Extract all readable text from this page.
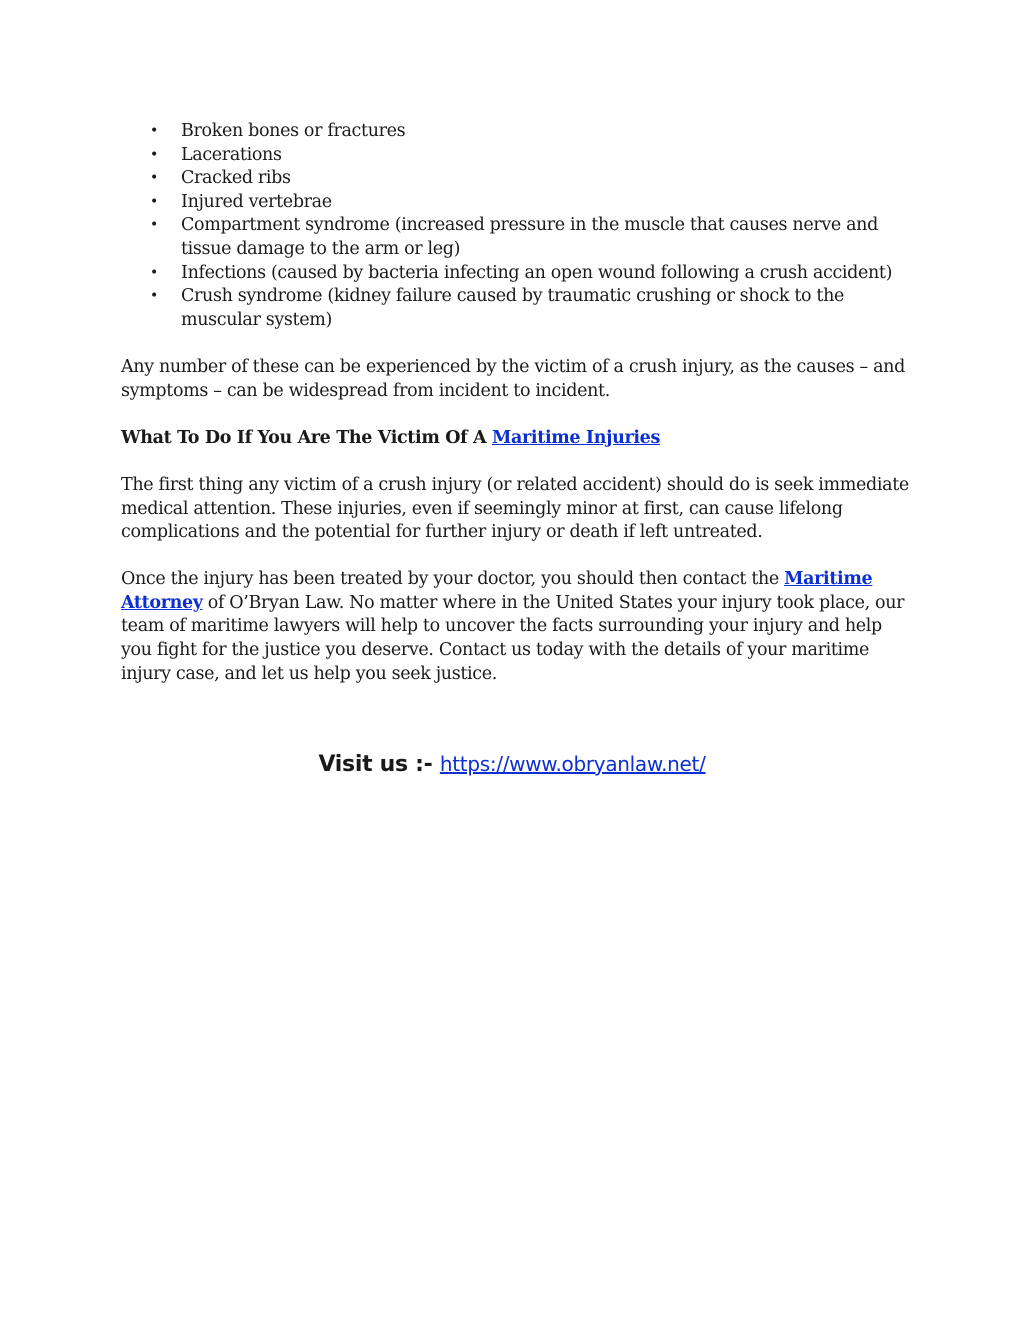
• Broken bones or fractures
• Lacerations
• Cracked ribs
• Injured vertebrae
• Compartment syndrome (increased pressure in the muscle that causes nerve and tissue damage to the arm or leg)
• Infections (caused by bacteria infecting an open wound following a crush accident)
• Crush syndrome (kidney failure caused by traumatic crushing or shock to the muscular system)

Any number of these can be experienced by the victim of a crush injury, as the causes – and symptoms – can be widespread from incident to incident.

What To Do If You Are The Victim Of A Maritime Injuries

The first thing any victim of a crush injury (or related accident) should do is seek immediate medical attention. These injuries, even if seemingly minor at first, can cause lifelong complications and the potential for further injury or death if left untreated.

Once the injury has been treated by your doctor, you should then contact the Maritime Attorney of O’Bryan Law. No matter where in the United States your injury took place, our team of maritime lawyers will help to uncover the facts surrounding your injury and help you fight for the justice you deserve. Contact us today with the details of your maritime injury case, and let us help you seek justice.

Visit us :- https://www.obryanlaw.net/
